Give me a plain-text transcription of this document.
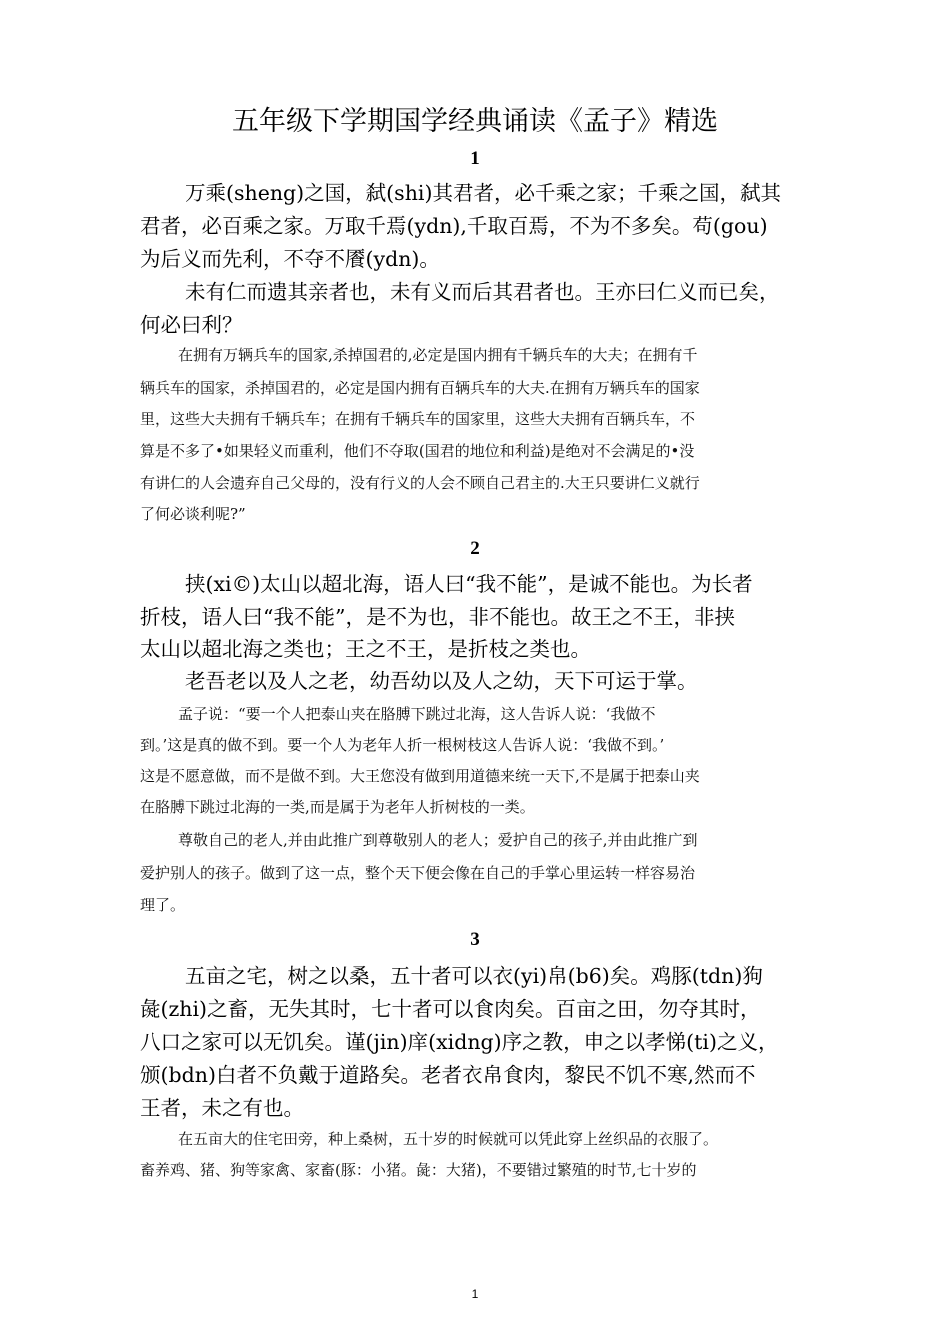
五年级下学期国学经典诵读《孟子》精选
1
万乘(sheng)之国，弑(shi)其君者，必千乘之家；千乘之国，弑其
君者，必百乘之家。万取千焉(ydn),千取百焉，不为不多矣。苟(gou)
为后义而先利，不夺不餍(ydn)。
未有仁而遗其亲者也，未有义而后其君者也。王亦曰仁义而已矣，
何必曰利？
在拥有万辆兵车的国家,杀掉国君的,必定是国内拥有千辆兵车的大夫；在拥有千
辆兵车的国家，杀掉国君的，必定是国内拥有百辆兵车的大夫.在拥有万辆兵车的国家
里，这些大夫拥有千辆兵车；在拥有千辆兵车的国家里，这些大夫拥有百辆兵车，不
算是不多了•如果轻义而重利，他们不夺取(国君的地位和利益)是绝对不会满足的•没
有讲仁的人会遗弃自己父母的，没有行义的人会不顾自己君主的.大王只要讲仁义就行
了何必谈利呢?”
2
挟(xi©)太山以超北海，语人曰“我不能”，是诚不能也。为长者
折枝，语人曰“我不能”，是不为也，非不能也。故王之不王，非挟
太山以超北海之类也；王之不王，是折枝之类也。
老吾老以及人之老，幼吾幼以及人之幼，天下可运于掌。
孟子说：“要一个人把泰山夹在胳膊下跳过北海，这人告诉人说：‘我做不
到。’这是真的做不到。要一个人为老年人折一根树枝这人告诉人说：‘我做不到。’
这是不愿意做，而不是做不到。大王您没有做到用道德来统一天下,不是属于把泰山夹
在胳膊下跳过北海的一类,而是属于为老年人折树枝的一类。
尊敬自己的老人,并由此推广到尊敬别人的老人；爱护自己的孩子,并由此推广到
爱护别人的孩子。做到了这一点，整个天下便会像在自己的手掌心里运转一样容易治
理了。
3
五亩之宅，树之以桑，五十者可以衣(yi)帛(b6)矣。鸡豚(tdn)狗
彘(zhi)之畜，无失其时，七十者可以食肉矣。百亩之田，勿夺其时，
八口之家可以无饥矣。谨(jin)庠(xidng)序之教，申之以孝悌(ti)之义，
颁(bdn)白者不负戴于道路矣。老者衣帛食肉，黎民不饥不寒,然而不
王者，未之有也。
在五亩大的住宅田旁，种上桑树，五十岁的时候就可以凭此穿上丝织品的衣服了。
畜养鸡、猪、狗等家禽、家畜(豚：小猪。彘：大猪)，不要错过繁殖的时节,七十岁的
1
